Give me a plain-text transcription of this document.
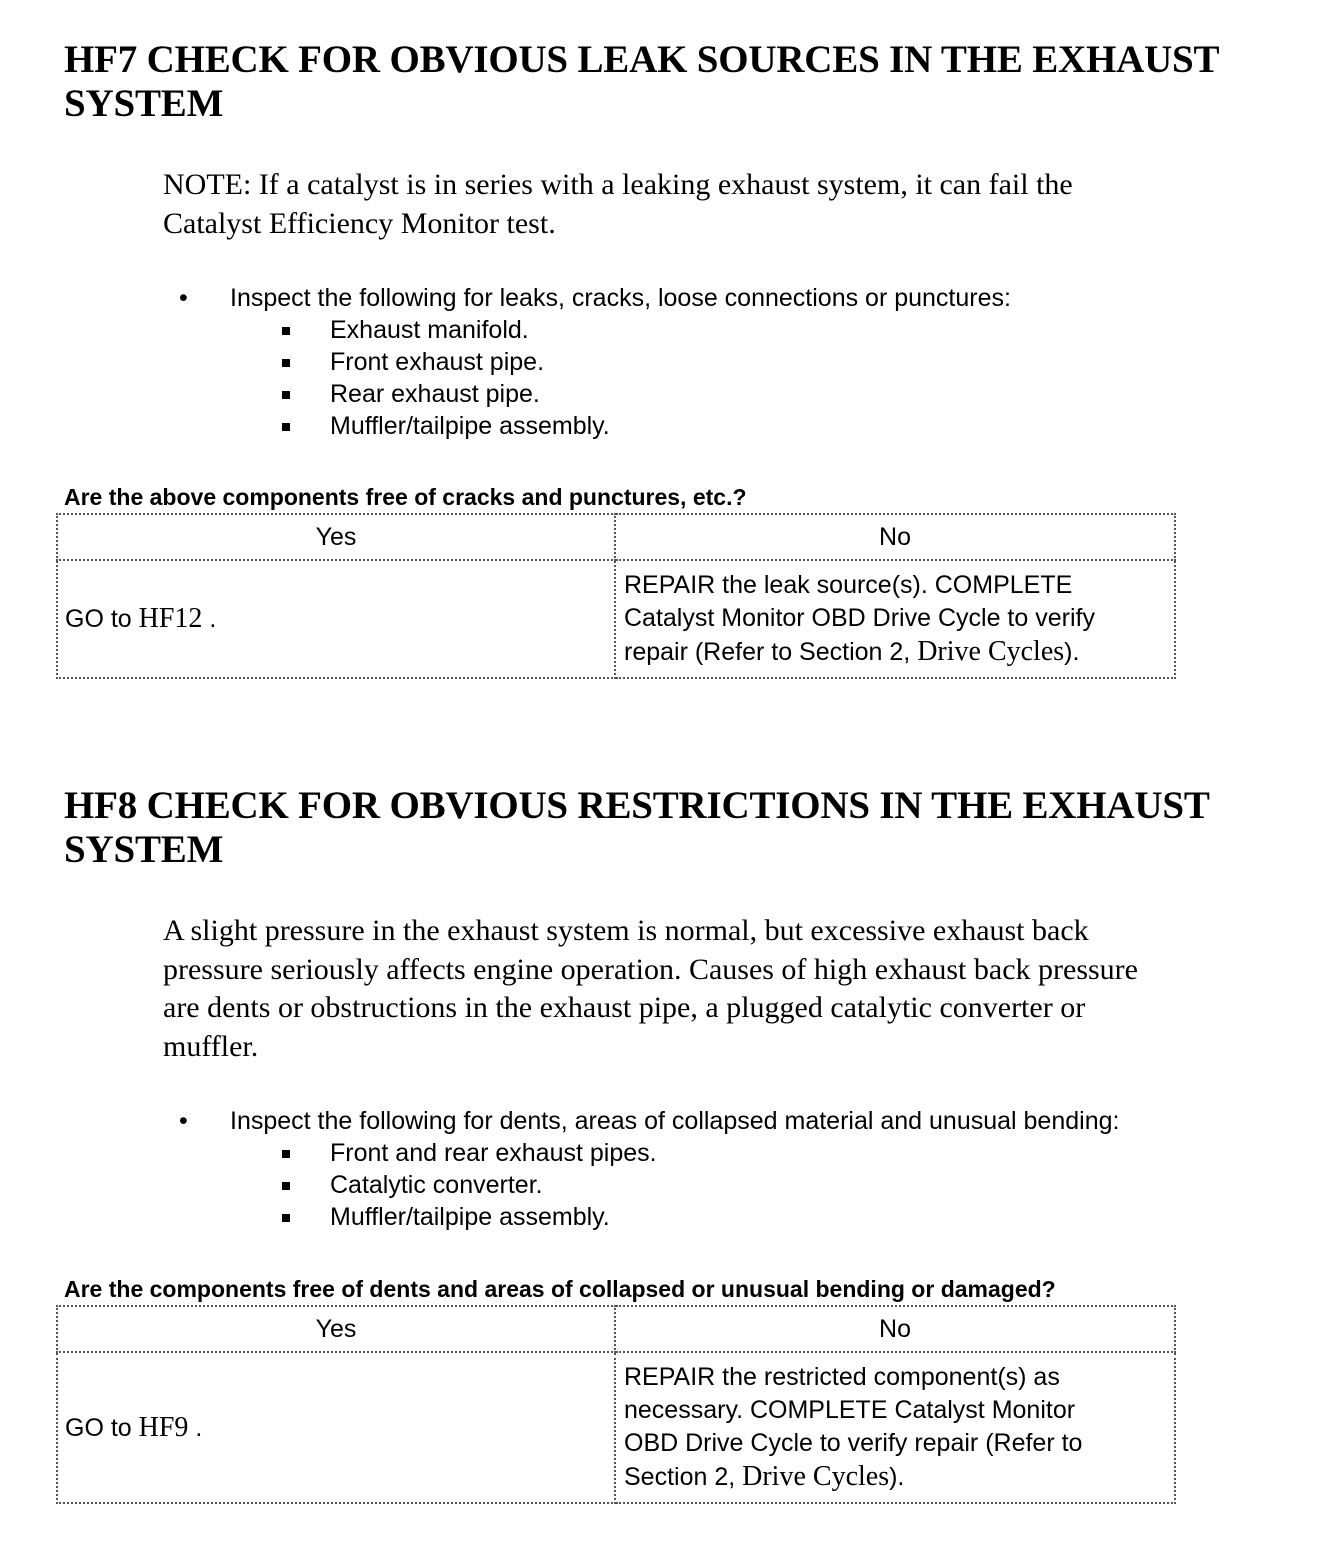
HF7 CHECK FOR OBVIOUS LEAK SOURCES IN THE EXHAUST
SYSTEM

NOTE: If a catalyst is in series with a leaking exhaust system, it can fail the
Catalyst Efficiency Monitor test.

• Inspect the following for leaks, cracks, loose connections or punctures:
Exhaust manifold.
Front exhaust pipe.
Rear exhaust pipe.
Muffler/tailpipe assembly.

Are the above components free of cracks and punctures, etc.?

Yes	No
GO to HF12 .	REPAIR the leak source(s). COMPLETE
Catalyst Monitor OBD Drive Cycle to verify
repair (Refer to Section 2, Drive Cycles).
HF8 CHECK FOR OBVIOUS RESTRICTIONS IN THE EXHAUST
SYSTEM

A slight pressure in the exhaust system is normal, but excessive exhaust back
pressure seriously affects engine operation. Causes of high exhaust back pressure
are dents or obstructions in the exhaust pipe, a plugged catalytic converter or
muffler.

• Inspect the following for dents, areas of collapsed material and unusual bending:
Front and rear exhaust pipes.
Catalytic converter.
Muffler/tailpipe assembly.

Are the components free of dents and areas of collapsed or unusual bending or damaged?

Yes	No
GO to HF9 .	REPAIR the restricted component(s) as
necessary. COMPLETE Catalyst Monitor
OBD Drive Cycle to verify repair (Refer to
Section 2, Drive Cycles).
